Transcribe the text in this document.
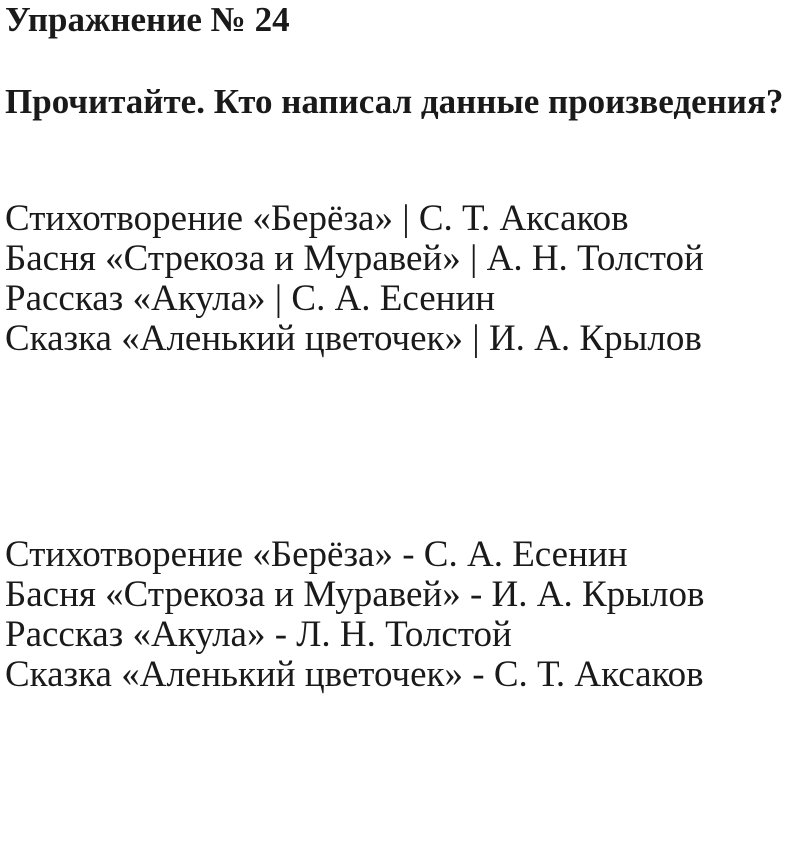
Упражнение № 24

Прочитайте. Кто написал данные произведения?

Стихотворение «Берёза» | С. Т. Аксаков
Басня «Стрекоза и Муравей» | А. Н. Толстой
Рассказ «Акула» | С. А. Есенин
Сказка «Аленький цветочек» | И. А. Крылов
Стихотворение «Берёза» - С. А. Есенин
Басня «Стрекоза и Муравей» - И. А. Крылов
Рассказ «Акула» - Л. Н. Толстой
Сказка «Аленький цветочек» - С. Т. Аксаков
